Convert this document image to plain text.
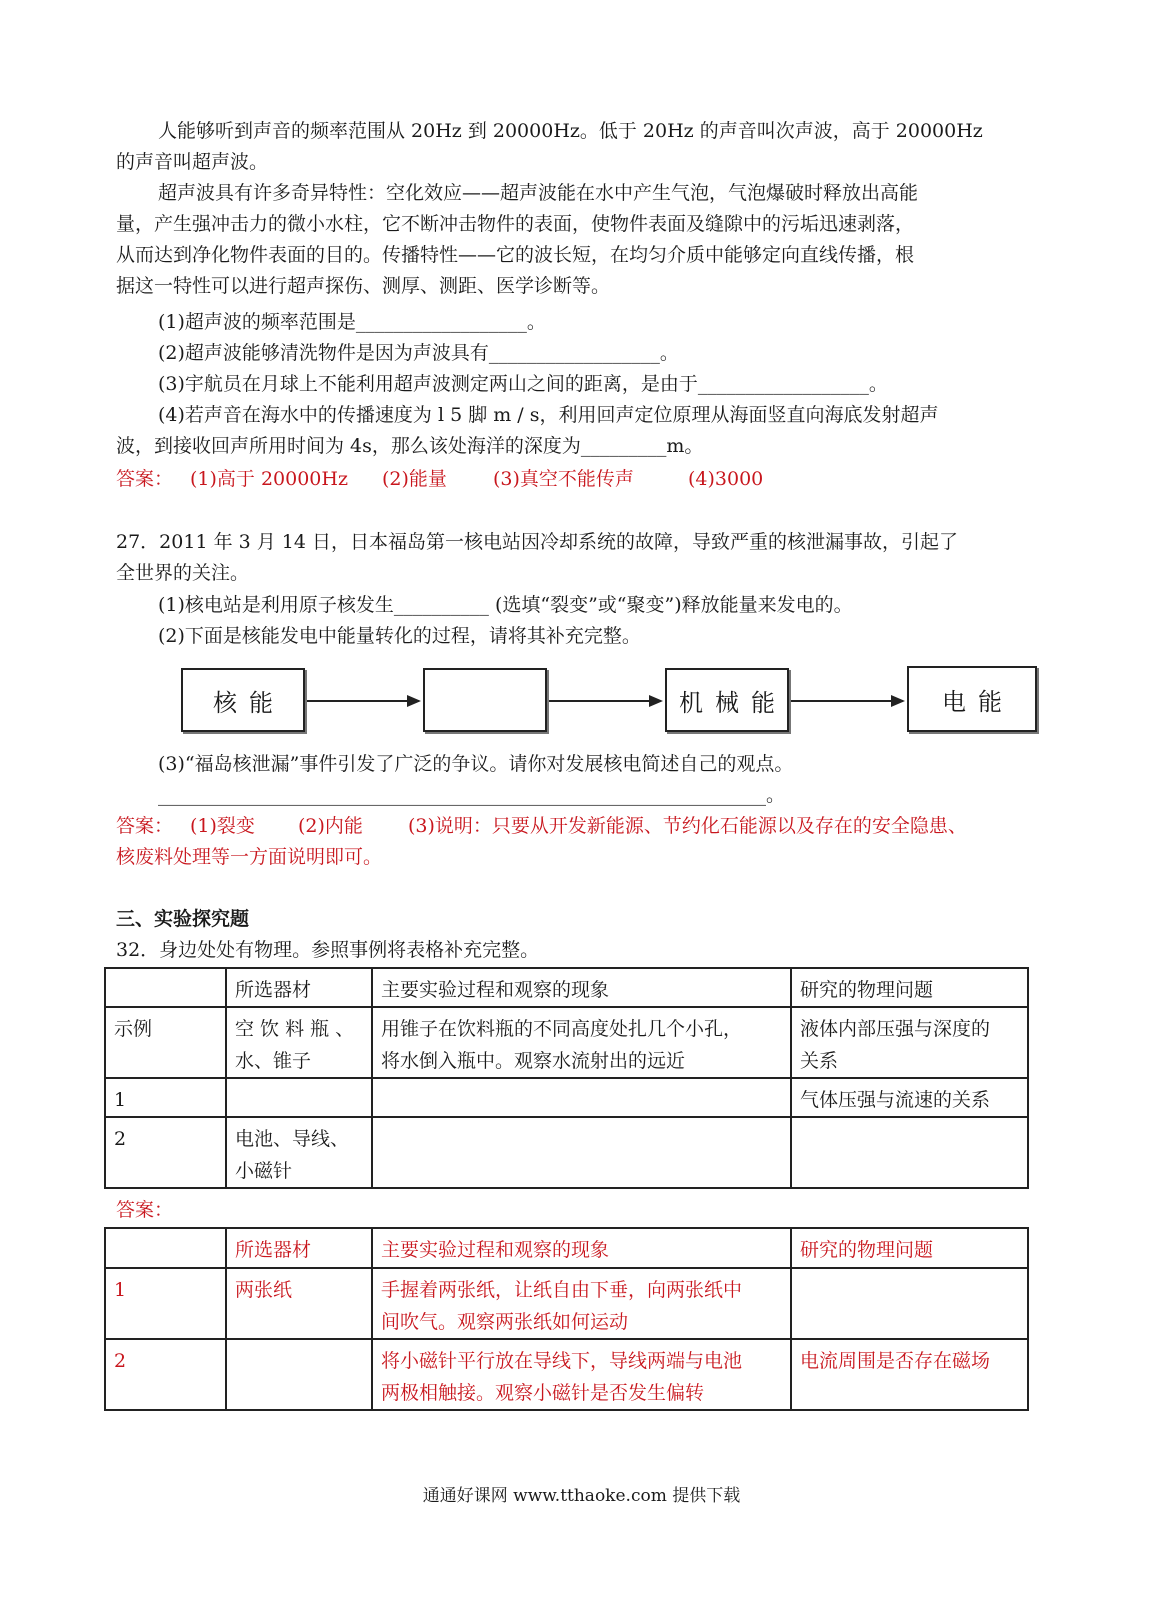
人能够听到声音的频率范围从 20Hz 到 20000Hz。低于 20Hz 的声音叫次声波，高于 20000Hz
的声音叫超声波。
超声波具有许多奇异特性：空化效应——超声波能在水中产生气泡，气泡爆破时释放出高能
量，产生强冲击力的微小水柱，它不断冲击物件的表面，使物件表面及缝隙中的污垢迅速剥落，
从而达到净化物件表面的目的。传播特性——它的波长短，在均匀介质中能够定向直线传播，根
据这一特性可以进行超声探伤、测厚、测距、医学诊断等。
(1)超声波的频率范围是__________________。
(2)超声波能够清洗物件是因为声波具有__________________。
(3)宇航员在月球上不能利用超声波测定两山之间的距离，是由于__________________。
(4)若声音在海水中的传播速度为 l 5 脚 m / s，利用回声定位原理从海面竖直向海底发射超声
波，到接收回声所用时间为 4s，那么该处海洋的深度为_________m。
答案： (1)高于 20000Hz (2)能量 (3)真空不能传声	(4)3000
27．2011 年 3 月 14 日，日本福岛第一核电站因冷却系统的故障，导致严重的核泄漏事故，引起了
全世界的关注。
(1)核电站是利用原子核发生__________ (选填“裂变”或“聚变”)释放能量来发电的。
(2)下面是核能发电中能量转化的过程，请将其补充完整。
核能	机械能	电能
(3)“福岛核泄漏”事件引发了广泛的争议。请你对发展核电简述自己的观点。
________________________________________________________________。
答案： (1)裂变 (2)内能 (3)说明：只要从开发新能源、节约化石能源以及存在的安全隐患、
核废料处理等一方面说明即可。
三、实验探究题
32．身边处处有物理。参照事例将表格补充完整。
	所选器材	主要实验过程和观察的现象	研究的物理问题

示例	空 饮 料 瓶 、
水、锥子	用锥子在饮料瓶的不同高度处扎几个小孔，
将水倒入瓶中。观察水流射出的远近	液体内部压强与深度的
关系

1			气体压强与流速的关系

2	电池、导线、
小磁针		

答案：
	所选器材	主要实验过程和观察的现象	研究的物理问题

1	两张纸	手握着两张纸，让纸自由下垂，向两张纸中
间吹气。观察两张纸如何运动	

2		将小磁针平行放在导线下，导线两端与电池
两极相触接。观察小磁针是否发生偏转	电流周围是否存在磁场
通通好课网 www.tthaoke.com 提供下载
